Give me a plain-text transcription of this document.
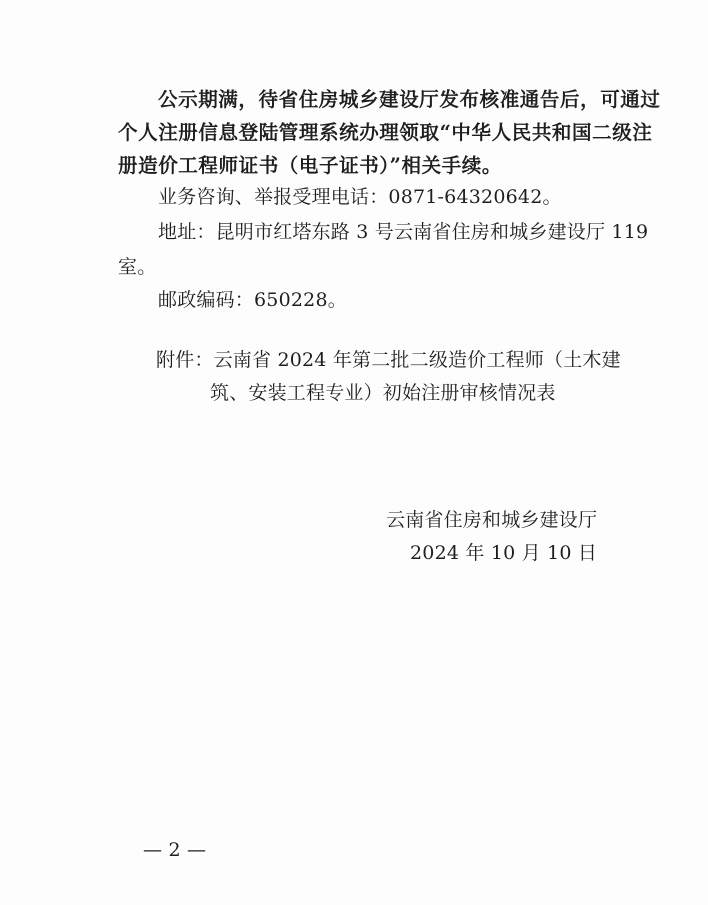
公示期满，待省住房城乡建设厅发布核准通告后，可通过
个人注册信息登陆管理系统办理领取“中华人民共和国二级注
册造价工程师证书（电子证书）”相关手续。
业务咨询、举报受理电话：0871-64320642。
地址：昆明市红塔东路 3 号云南省住房和城乡建设厅 119
室。
邮政编码：650228。
附件：云南省 2024 年第二批二级造价工程师（土木建
筑、安装工程专业）初始注册审核情况表
云南省住房和城乡建设厅
2024 年 10 月 10 日
— 2 —
